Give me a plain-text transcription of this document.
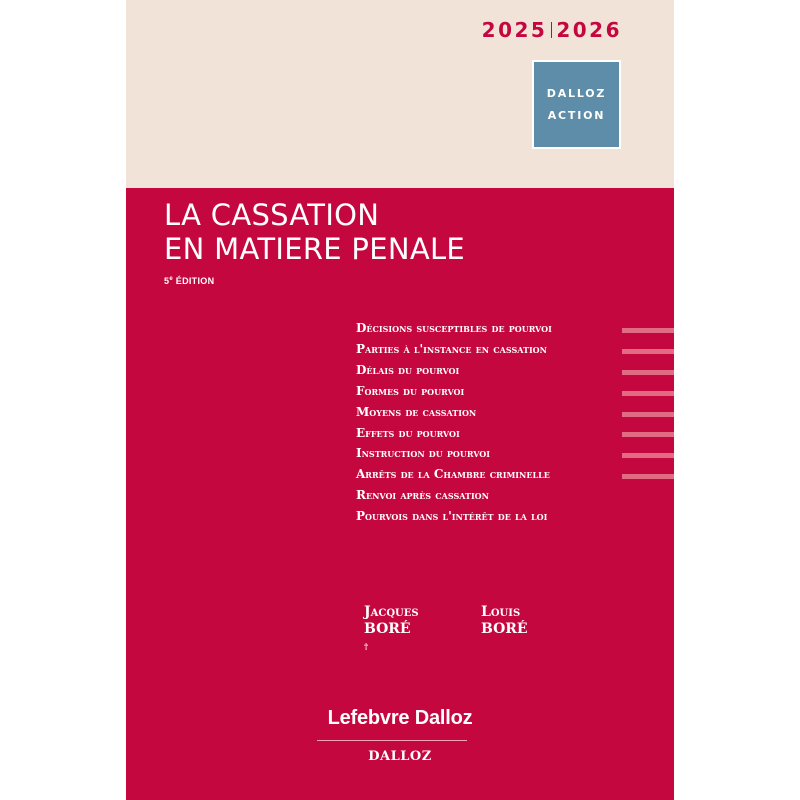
2025 2026
DALLOZ
ACTION
LA CASSATION
EN MATIERE PENALE
5e ÉDITION
Décisions susceptibles de pourvoi
Parties à l'instance en cassation
Délais du pourvoi
Formes du pourvoi
Moyens de cassation
Effets du pourvoi
Instruction du pourvoi
Arrêts de la Chambre criminelle
Renvoi après cassation
Pourvois dans l'intérêt de la loi
Jacques
BORÉ
†
Louis
BORÉ
Lefebvre Dalloz
DALLOZ
